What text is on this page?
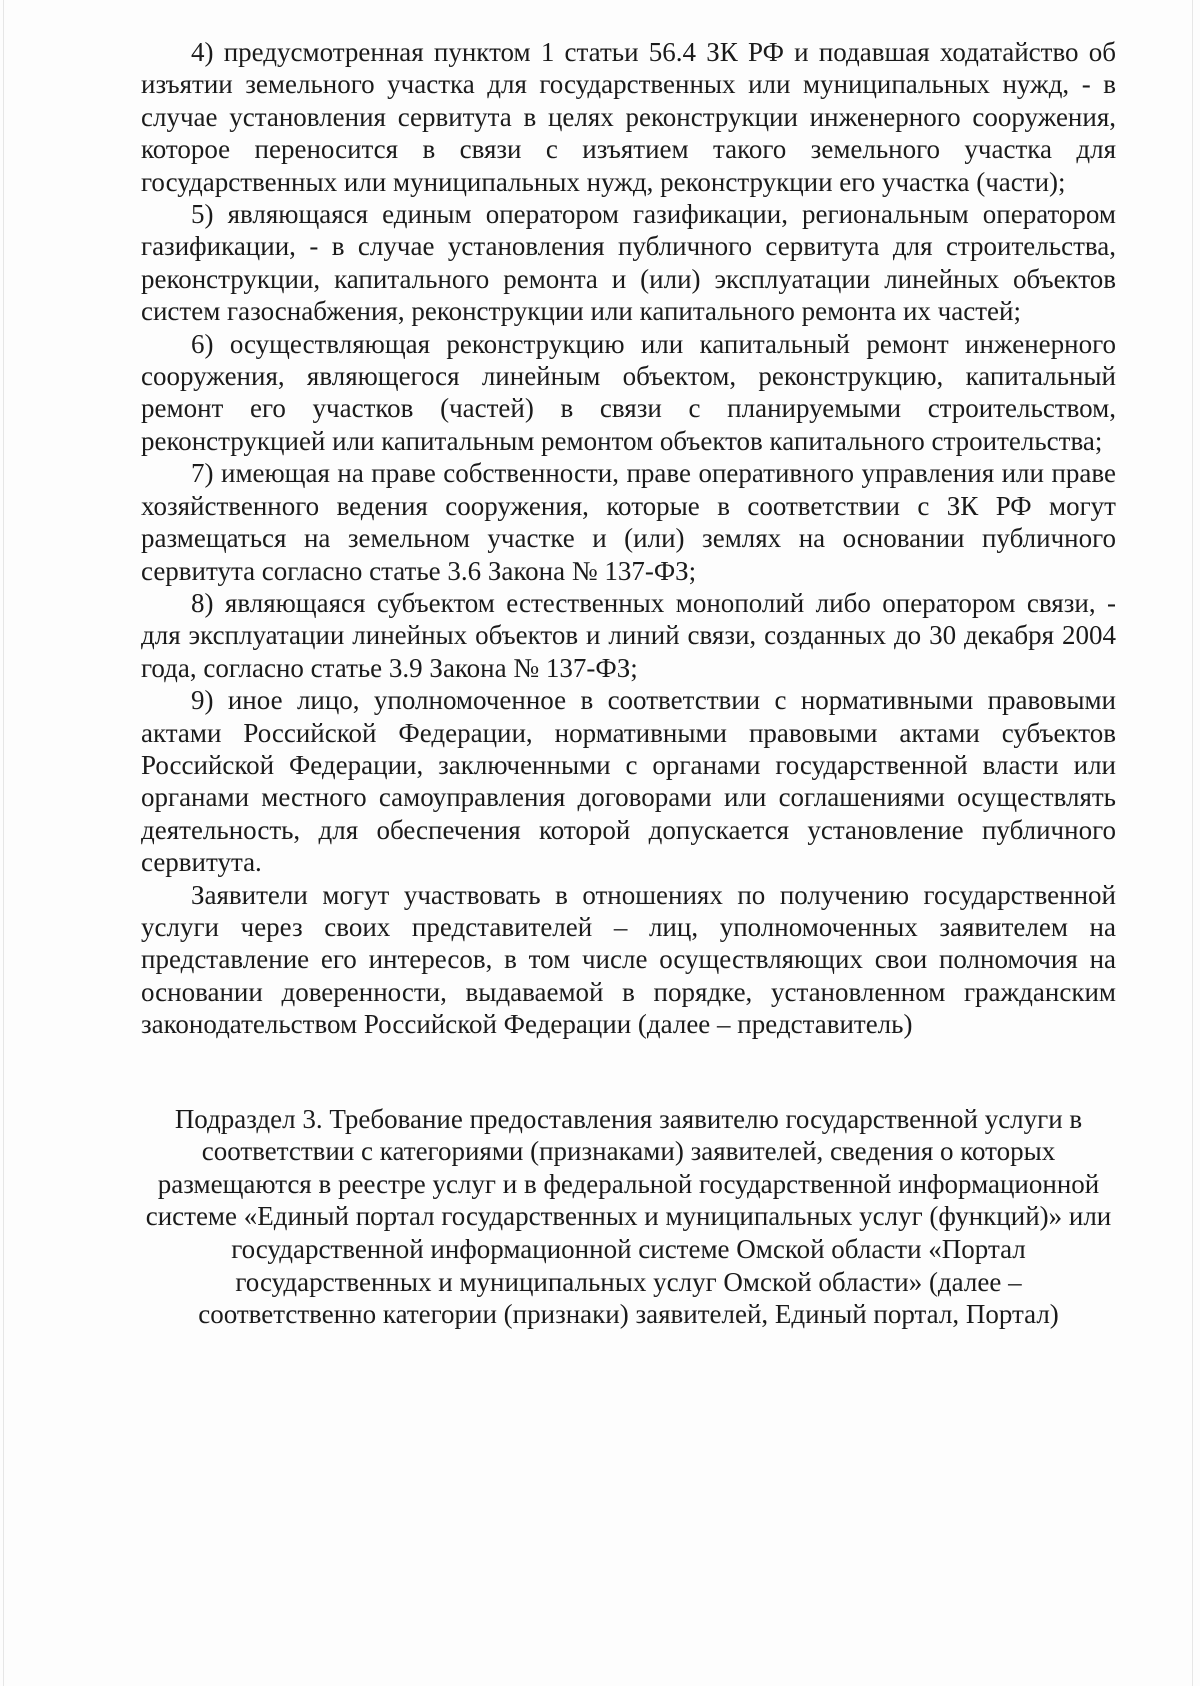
4) предусмотренная пунктом 1 статьи 56.4 ЗК РФ и подавшая ходатайство об изъятии земельного участка для государственных или муниципальных нужд, - в случае установления сервитута в целях реконструкции инженерного сооружения, которое переносится в связи с изъятием такого земельного участка для государственных или муниципальных нужд, реконструкции его участка (части);

5) являющаяся единым оператором газификации, региональным оператором газификации, - в случае установления публичного сервитута для строительства, реконструкции, капитального ремонта и (или) эксплуатации линейных объектов систем газоснабжения, реконструкции или капитального ремонта их частей;

6) осуществляющая реконструкцию или капитальный ремонт инженерного сооружения, являющегося линейным объектом, реконструкцию, капитальный ремонт его участков (частей) в связи с планируемыми строительством, реконструкцией или капитальным ремонтом объектов капитального строительства;

7) имеющая на праве собственности, праве оперативного управления или праве хозяйственного ведения сооружения, которые в соответствии с ЗК РФ могут размещаться на земельном участке и (или) землях на основании публичного сервитута согласно статье 3.6 Закона № 137-ФЗ;

8) являющаяся субъектом естественных монополий либо оператором связи, - для эксплуатации линейных объектов и линий связи, созданных до 30 декабря 2004 года, согласно статье 3.9 Закона № 137-ФЗ;

9) иное лицо, уполномоченное в соответствии с нормативными правовыми актами Российской Федерации, нормативными правовыми актами субъектов Российской Федерации, заключенными с органами государственной власти или органами местного самоуправления договорами или соглашениями осуществлять деятельность, для обеспечения которой допускается установление публичного сервитута.

Заявители могут участвовать в отношениях по получению государственной услуги через своих представителей – лиц, уполномоченных заявителем на представление его интересов, в том числе осуществляющих свои полномочия на основании доверенности, выдаваемой в порядке, установленном гражданским законодательством Российской Федерации (далее – представитель)

Подраздел 3. Требование предоставления заявителю государственной услуги в соответствии с категориями (признаками) заявителей, сведения о которых размещаются в реестре услуг и в федеральной государственной информационной системе «Единый портал государственных и муниципальных услуг (функций)» или государственной информационной системе Омской области «Портал государственных и муниципальных услуг Омской области» (далее – соответственно категории (признаки) заявителей, Единый портал, Портал)
